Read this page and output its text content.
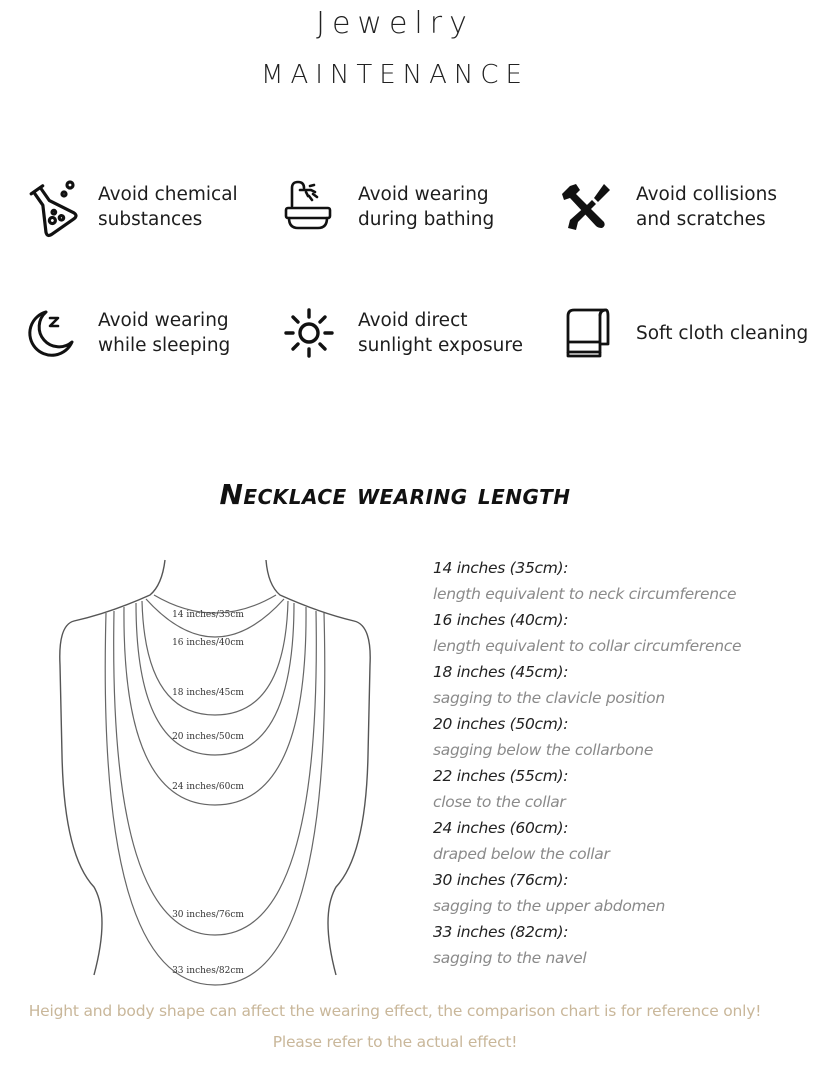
Jewelry
MAINTENANCE
Avoid chemical substances
Avoid wearing during bathing
Avoid collisions and scratches
Avoid wearing while sleeping
Avoid direct sunlight exposure
Soft cloth cleaning
Necklace wearing length
14 inches/35cm
16 inches/40cm
18 inches/45cm
20 inches/50cm
24 inches/60cm
30 inches/76cm
33 inches/82cm
14 inches (35cm):
length equivalent to neck circumference
16 inches (40cm):
length equivalent to collar circumference
18 inches (45cm):
sagging to the clavicle position
20 inches (50cm):
sagging below the collarbone
22 inches (55cm):
close to the collar
24 inches (60cm):
draped below the collar
30 inches (76cm):
sagging to the upper abdomen
33 inches (82cm):
sagging to the navel
Height and body shape can affect the wearing effect, the comparison chart is for reference only!
Please refer to the actual effect!
